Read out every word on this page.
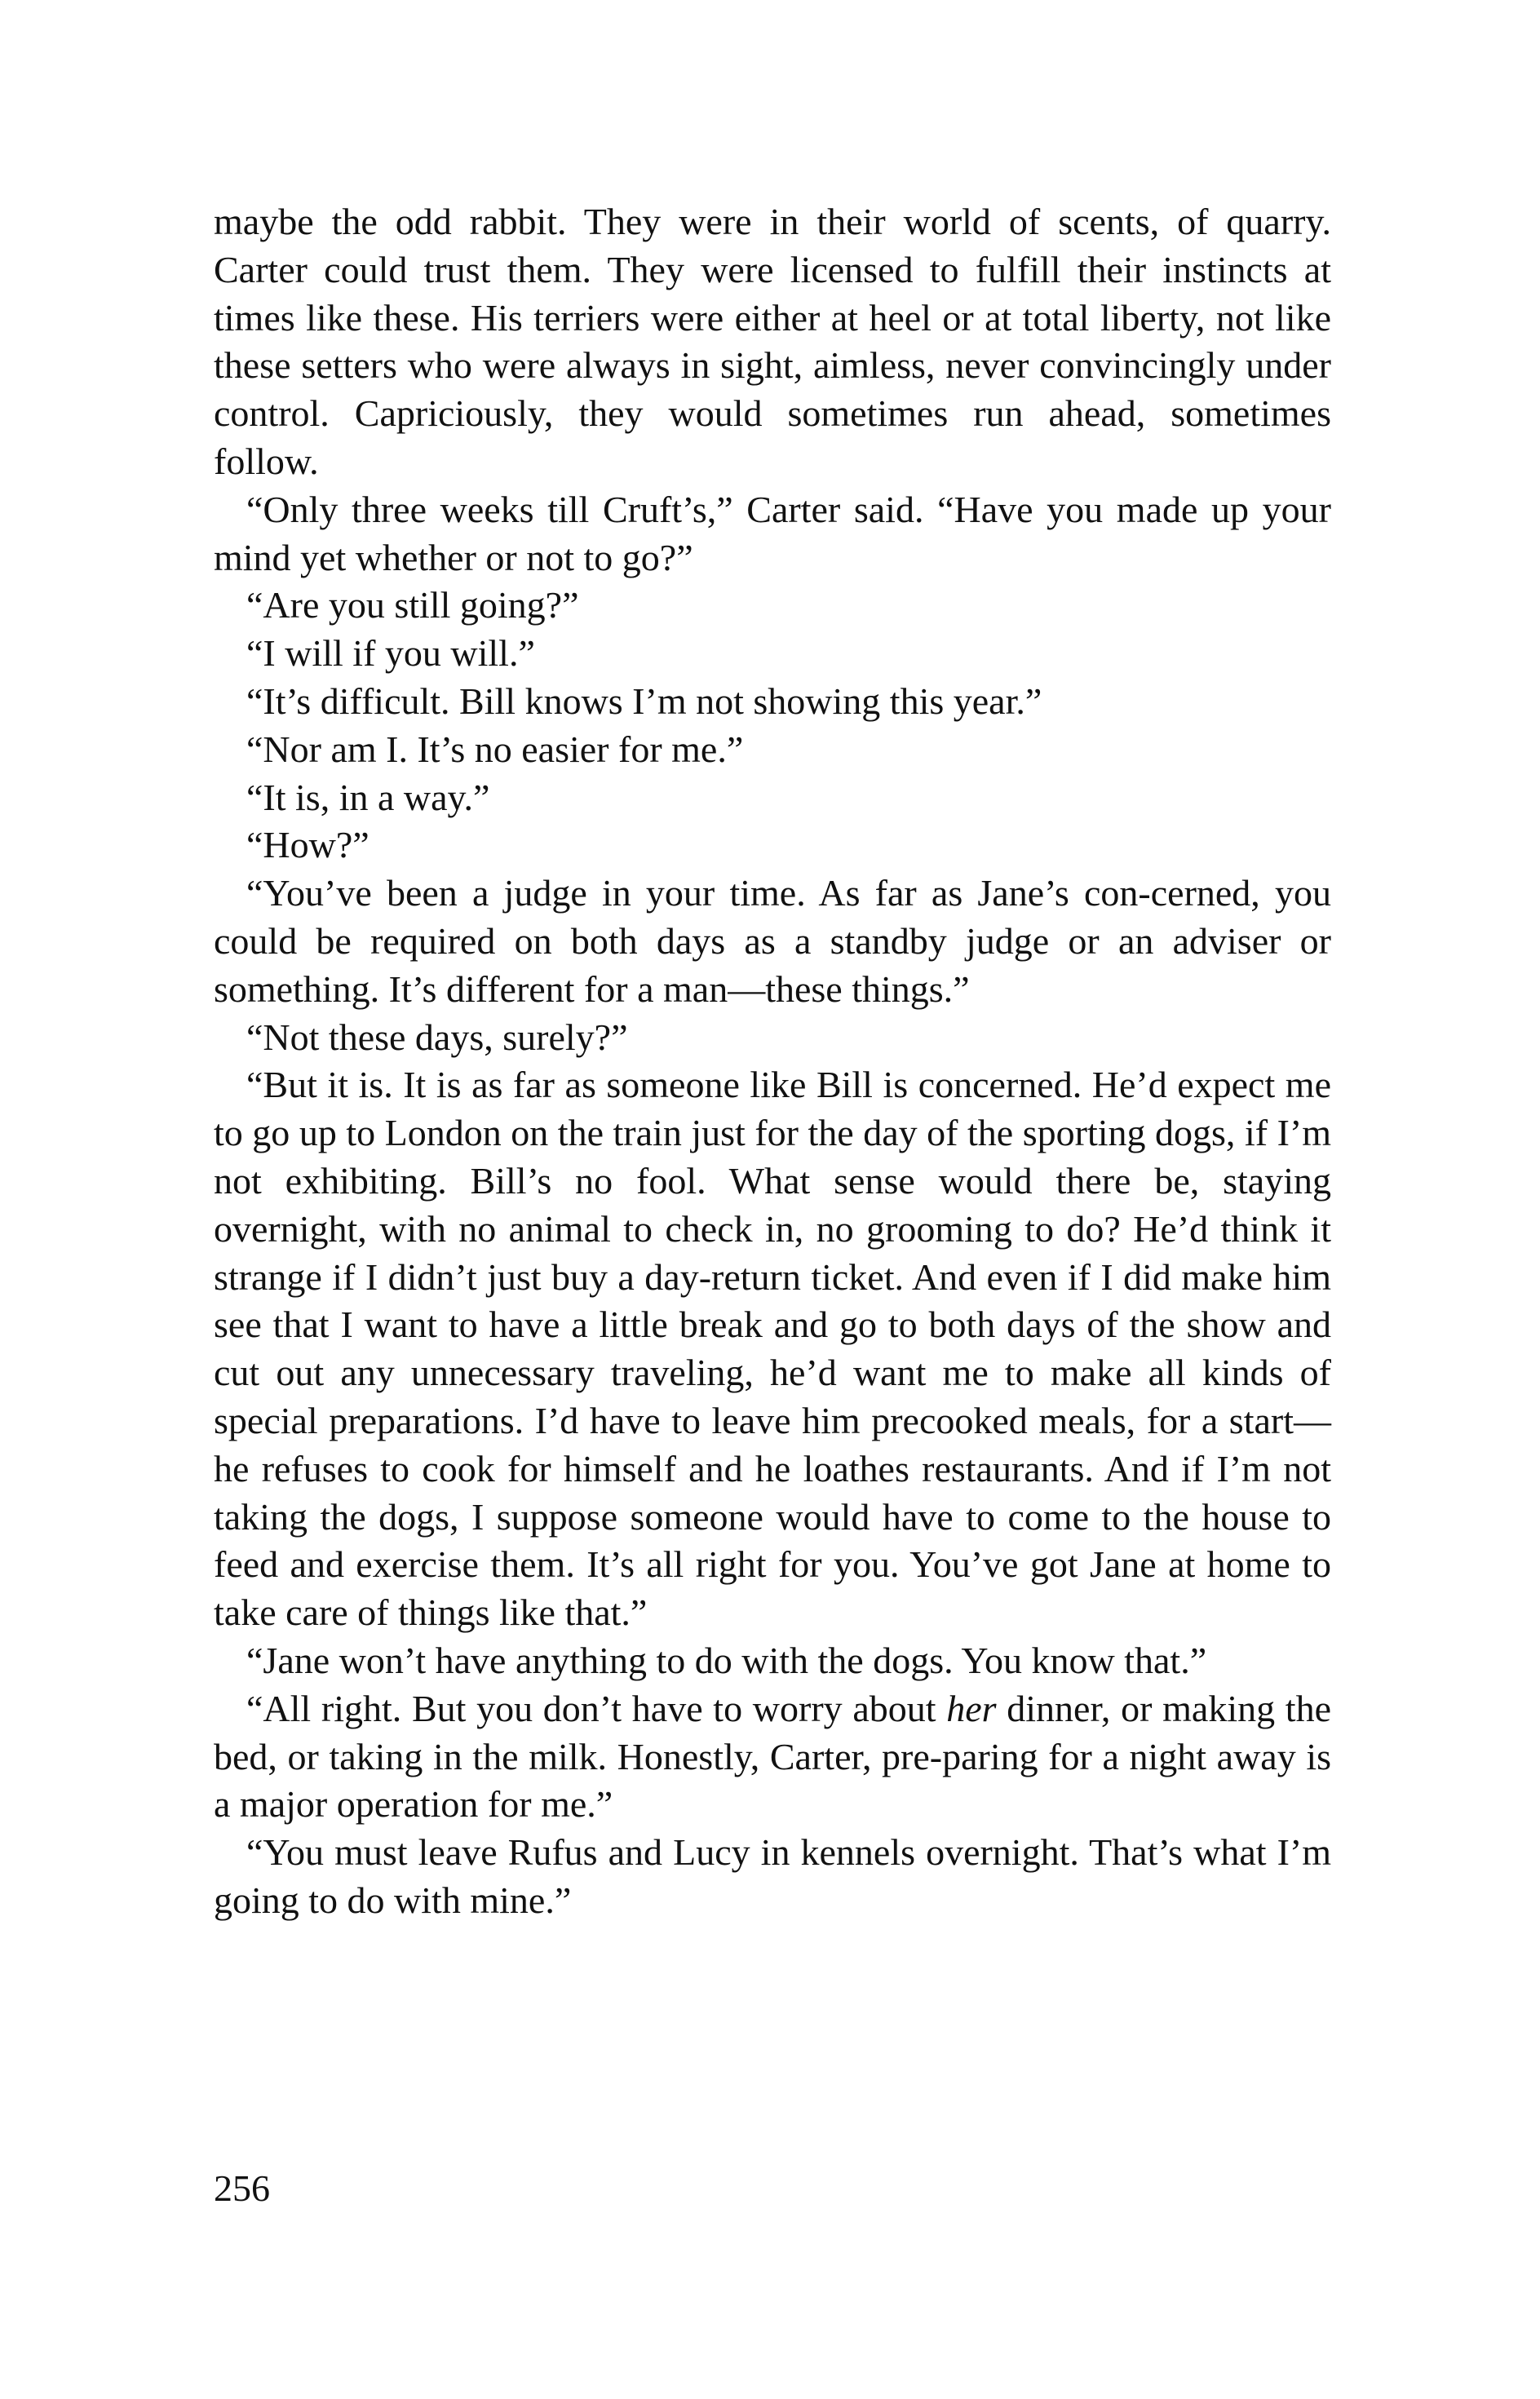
maybe the odd rabbit. They were in their world of scents, of quarry. Carter could trust them. They were licensed to fulfill their instincts at times like these. His terriers were either at heel or at total liberty, not like these setters who were always in sight, aimless, never convincingly under control. Capriciously, they would sometimes run ahead, sometimes follow.

“Only three weeks till Cruft’s,” Carter said. “Have you made up your mind yet whether or not to go?”

“Are you still going?”

“I will if you will.”

“It’s difficult. Bill knows I’m not showing this year.”

“Nor am I. It’s no easier for me.”

“It is, in a way.”

“How?”

“You’ve been a judge in your time. As far as Jane’s con-cerned, you could be required on both days as a standby judge or an adviser or something. It’s different for a man—these things.”

“Not these days, surely?”

“But it is. It is as far as someone like Bill is concerned. He’d expect me to go up to London on the train just for the day of the sporting dogs, if I’m not exhibiting. Bill’s no fool. What sense would there be, staying overnight, with no animal to check in, no grooming to do? He’d think it strange if I didn’t just buy a day-return ticket. And even if I did make him see that I want to have a little break and go to both days of the show and cut out any unnecessary traveling, he’d want me to make all kinds of special preparations. I’d have to leave him precooked meals, for a start—he refuses to cook for himself and he loathes restaurants. And if I’m not taking the dogs, I suppose someone would have to come to the house to feed and exercise them. It’s all right for you. You’ve got Jane at home to take care of things like that.”

“Jane won’t have anything to do with the dogs. You know that.”

“All right. But you don’t have to worry about her dinner, or making the bed, or taking in the milk. Honestly, Carter, pre-paring for a night away is a major operation for me.”

“You must leave Rufus and Lucy in kennels overnight. That’s what I’m going to do with mine.”

256
